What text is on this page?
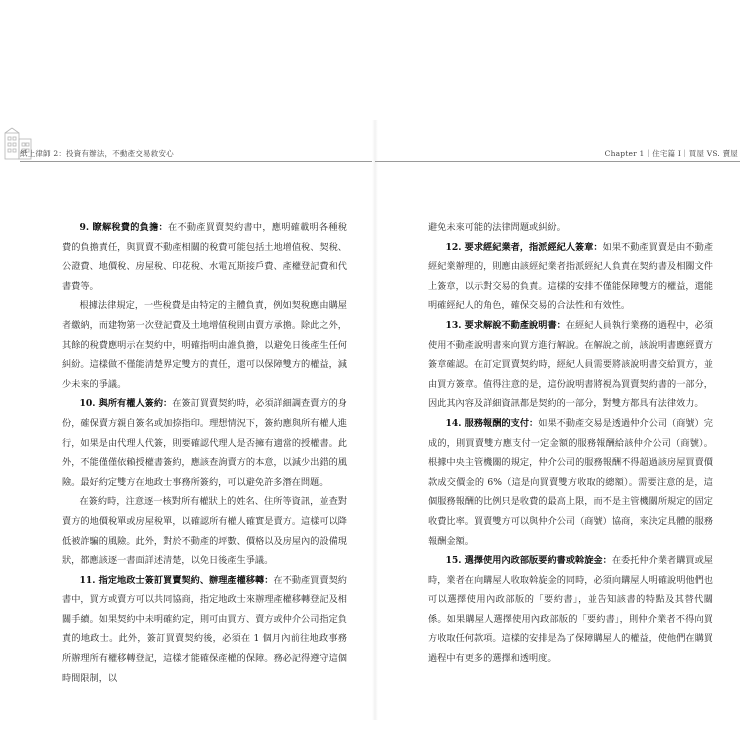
紙上律師 2：投資有辦法，不動產交易救安心

9. 瞭解稅費的負擔：在不動產買賣契約書中，應明確載明各種稅費的負擔責任，與買賣不動產相關的稅費可能包括土地增值稅、契稅、公證費、地價稅、房屋稅、印花稅、水電瓦斯接戶費、產權登記費和代書費等。

根據法律規定，一些稅費是由特定的主體負責，例如契稅應由購屋者繳納，而建物第一次登記費及土地增值稅則由賣方承擔。除此之外，其餘的稅費應明示在契約中，明確指明由誰負擔，以避免日後產生任何糾紛。這樣做不僅能清楚界定雙方的責任，還可以保障雙方的權益，減少未來的爭議。

10. 與所有權人簽約：在簽訂買賣契約時，必須詳細調查賣方的身份，確保賣方親自簽名或加捺指印。理想情況下，簽約應與所有權人進行，如果是由代理人代簽，則要確認代理人是否擁有適當的授權書。此外，不能僅僅依賴授權書簽約，應該查詢賣方的本意，以減少出錯的風險。最好約定雙方在地政士事務所簽約，可以避免許多潛在問題。

在簽約時，注意逐一核對所有權狀上的姓名、住所等資訊，並查對賣方的地價稅單或房屋稅單，以確認所有權人確實是賣方。這樣可以降低被詐騙的風險。此外，對於不動產的坪數、價格以及房屋內的設備現狀，都應該逐一書面詳述清楚，以免日後產生爭議。

11. 指定地政士簽訂買賣契約、辦理產權移轉：在不動產買賣契約書中，買方或賣方可以共同協商，指定地政士來辦理產權移轉登記及相關手續。如果契約中未明確約定，則可由買方、賣方或仲介公司指定負責的地政士。此外，簽訂買賣契約後，必須在 1 個月內前往地政事務所辦理所有權移轉登記，這樣才能確保產權的保障。務必記得遵守這個時間限制，以

Chapter 1｜住宅篇 I｜買屋 VS. 賣屋

避免未來可能的法律問題或糾紛。

12. 要求經紀業者，指派經紀人簽章：如果不動產買賣是由不動產經紀業辦理的，則應由該經紀業者指派經紀人負責在契約書及相關文件上簽章，以示對交易的負責。這樣的安排不僅能保障雙方的權益，還能明確經紀人的角色，確保交易的合法性和有效性。

13. 要求解說不動產說明書：在經紀人員執行業務的過程中，必須使用不動產說明書來向買方進行解說。在解說之前，該說明書應經賣方簽章確認。在訂定買賣契約時，經紀人員需要將該說明書交給買方，並由買方簽章。值得注意的是，這份說明書將視為買賣契約書的一部分，因此其內容及詳細資訊都是契約的一部分，對雙方都具有法律效力。

14. 服務報酬的支付：如果不動產交易是透過仲介公司（商號）完成的，則買賣雙方應支付一定金額的服務報酬給該仲介公司（商號）。根據中央主管機關的規定，仲介公司的服務報酬不得超過該房屋買賣價款成交價金的 6%（這是向買賣雙方收取的總額）。需要注意的是，這個服務報酬的比例只是收費的最高上限，而不是主管機關所規定的固定收費比率。買賣雙方可以與仲介公司（商號）協商，來決定具體的服務報酬金額。

15. 選擇使用內政部版要約書或斡旋金：在委托仲介業者購買或屋時，業者在向購屋人收取斡旋金的同時，必須向購屋人明確說明他們也可以選擇使用內政部版的「要約書」，並告知該書的特點及其替代關係。如果購屋人選擇使用內政部版的「要約書」，則仲介業者不得向買方收取任何款項。這樣的安排是為了保障購屋人的權益，使他們在購買過程中有更多的選擇和透明度。
